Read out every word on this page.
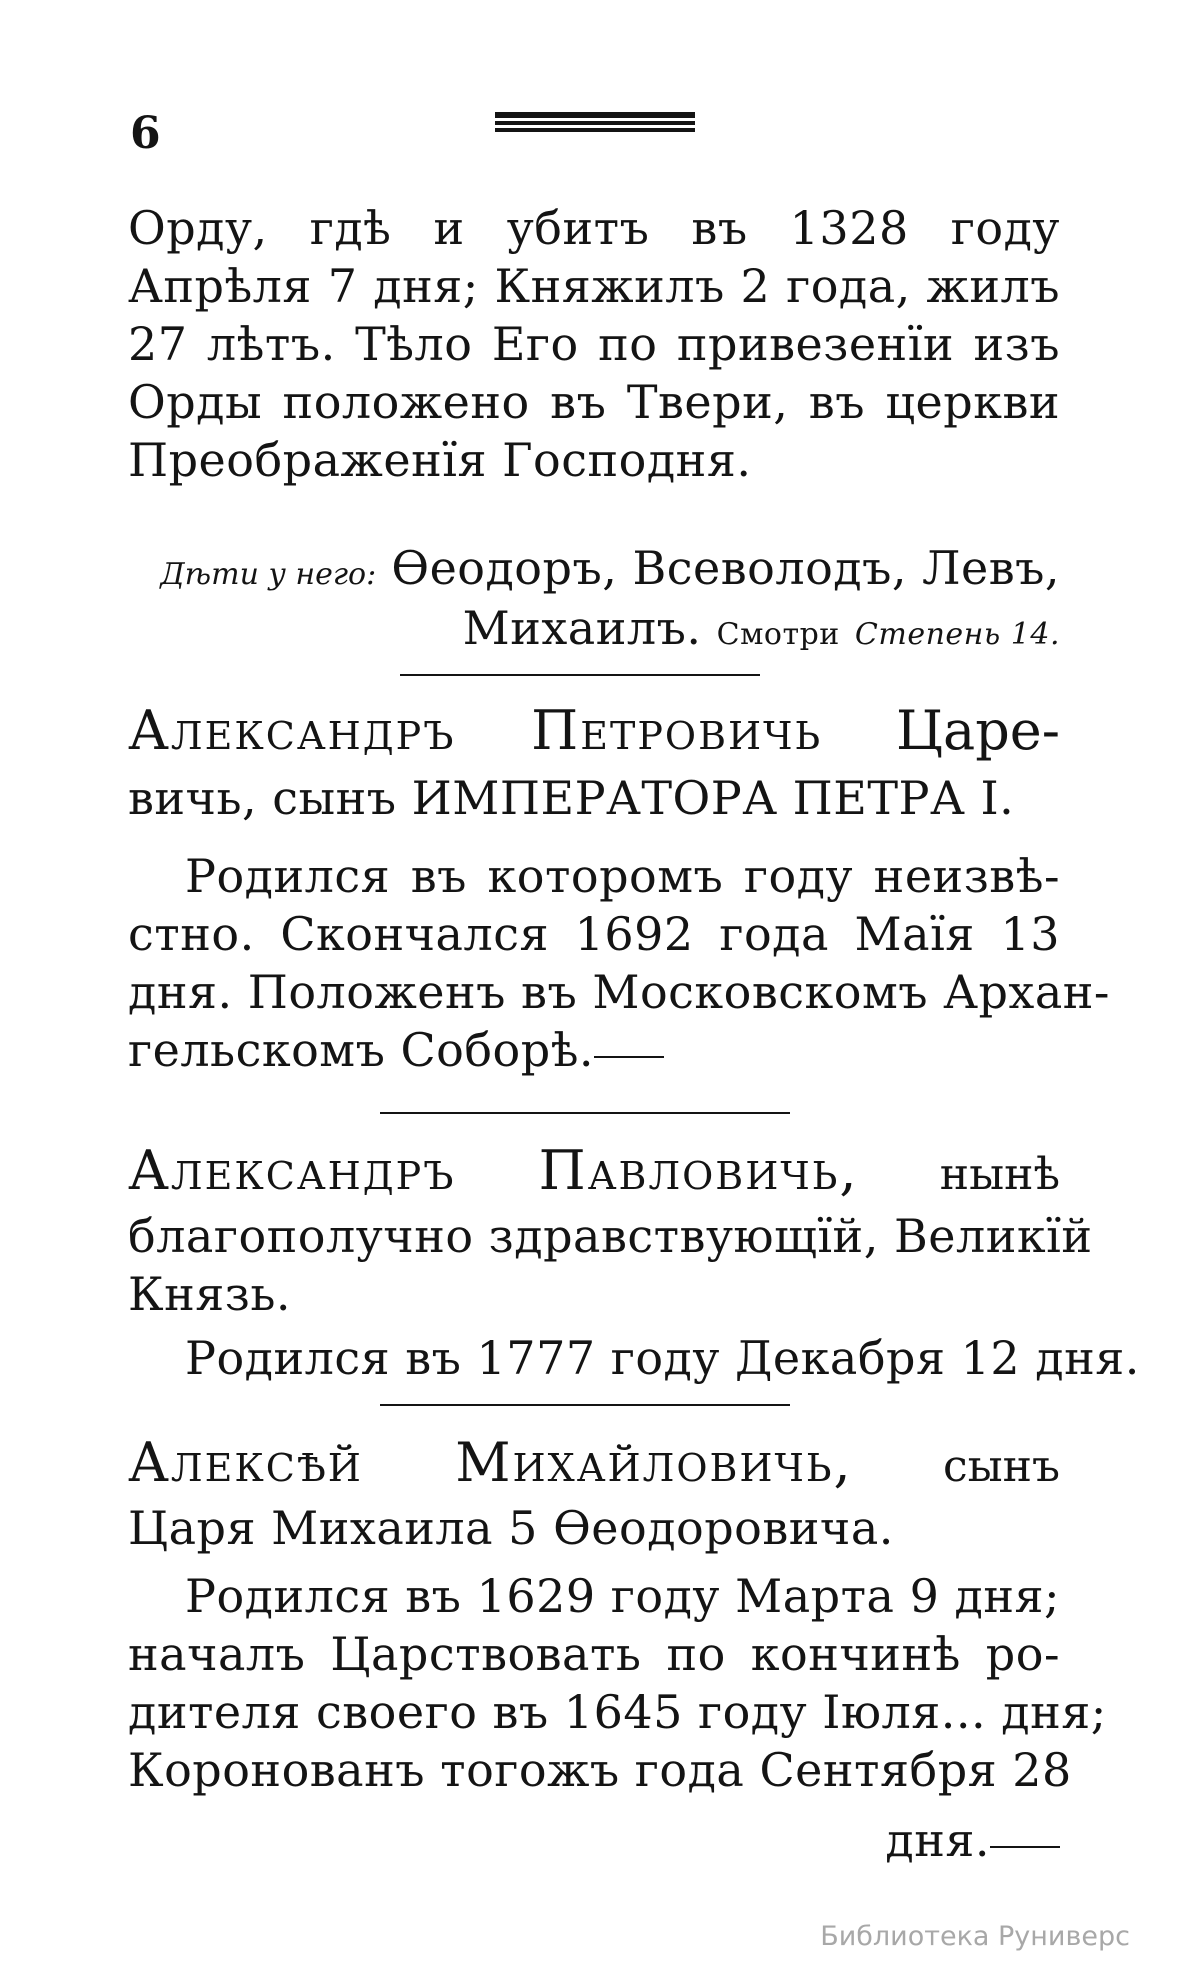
6
Орду, гдѣ и убитъ въ 1328 году
Апрѣля 7 дня; Княжилъ 2 года, жилъ
27 лѣтъ. Тѣло Его по привезенїи изъ
Орды положено въ Твери, въ церкви
Преображенїя Господня.
Дѣти у него: Ѳеодоръ, Всеволодъ, Левъ,
Михаилъ. Смотри Степень 14.
Александръ Петровичь Царе-
вичь, сынъ ИМПЕРАТОРА ПЕТРА I.
Родился въ которомъ году неизвѣ-
стно. Скончался 1692 года Маїя 13
дня. Положенъ въ Московскомъ Архан-
гельскомъ Соборѣ.
Александръ Павловичь, нынѣ
благополучно здравствующїй, Великїй
Князь.
Родился въ 1777 году Декабря 12 дня.
Алексѣй Михайловичь, сынъ
Царя Михаила 5 Ѳеодоровича.
Родился въ 1629 году Марта 9 дня;
началъ Царствовать по кончинѣ ро-
дителя своего въ 1645 году Іюля... дня;
Коронованъ тогожъ года Сентября 28
дня.
Библиотека Руниверс
